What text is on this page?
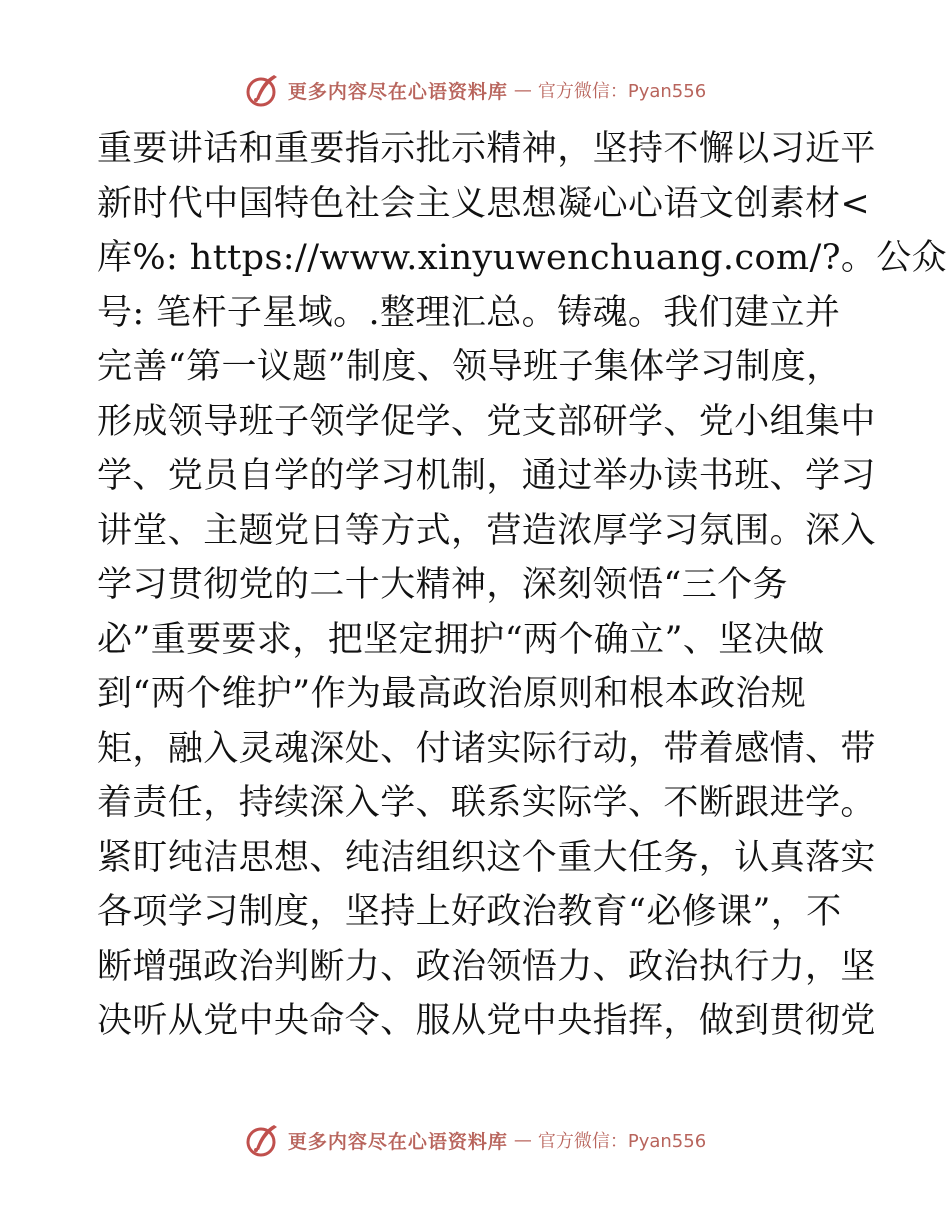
更多内容尽在心语资料库 — 官方微信：Pyan556
重要讲话和重要指示批示精神，坚持不懈以习近平
新时代中国特色社会主义思想凝心心语文创素材<
库%: https://www.xinyuwenchuang.com/?。公众
号: 笔杆子星域。.整理汇总。铸魂。我们建立并
完善“第一议题”制度、领导班子集体学习制度，
形成领导班子领学促学、党支部研学、党小组集中
学、党员自学的学习机制，通过举办读书班、学习
讲堂、主题党日等方式，营造浓厚学习氛围。深入
学习贯彻党的二十大精神，深刻领悟“三个务
必”重要要求，把坚定拥护“两个确立”、坚决做
到“两个维护”作为最高政治原则和根本政治规
矩，融入灵魂深处、付诸实际行动，带着感情、带
着责任，持续深入学、联系实际学、不断跟进学。
紧盯纯洁思想、纯洁组织这个重大任务，认真落实
各项学习制度，坚持上好政治教育“必修课”，不
断增强政治判断力、政治领悟力、政治执行力，坚
决听从党中央命令、服从党中央指挥，做到贯彻党
更多内容尽在心语资料库 — 官方微信：Pyan556
